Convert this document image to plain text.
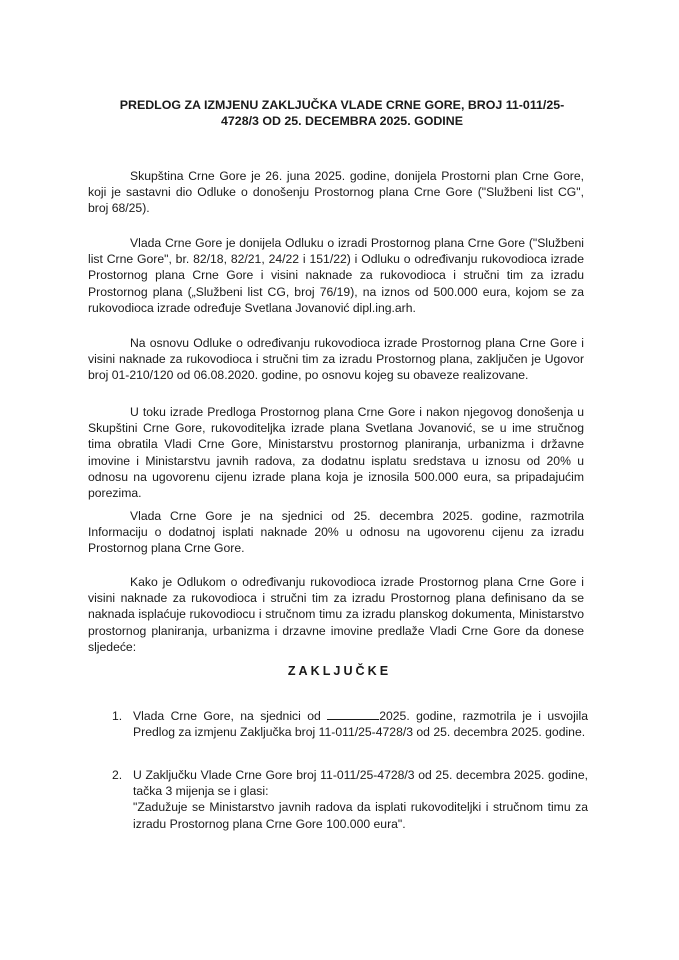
PREDLOG ZA IZMJENU ZAKLJUČKA VLADE CRNE GORE, BROJ 11-011/25-4728/3 OD 25. DECEMBRA 2025. GODINE
Skupština Crne Gore je 26. juna 2025. godine, donijela Prostorni plan Crne Gore, koji je sastavni dio Odluke o donošenju Prostornog plana Crne Gore ("Službeni list CG", broj 68/25).
Vlada Crne Gore je donijela Odluku o izradi Prostornog plana Crne Gore ("Službeni list Crne Gore", br. 82/18, 82/21, 24/22 i 151/22) i Odluku o određivanju rukovodioca izrade Prostornog plana Crne Gore i visini naknade za rukovodioca i stručni tim za izradu Prostornog plana („Službeni list CG, broj 76/19), na iznos od 500.000 eura, kojom se za rukovodioca izrade određuje Svetlana Jovanović dipl.ing.arh.
Na osnovu Odluke o određivanju rukovodioca izrade Prostornog plana Crne Gore i visini naknade za rukovodioca i stručni tim za izradu Prostornog plana, zaključen je Ugovor broj 01-210/120 od 06.08.2020. godine, po osnovu kojeg su obaveze realizovane.
U toku izrade Predloga Prostornog plana Crne Gore i nakon njegovog donošenja u Skupštini Crne Gore, rukovoditeljka izrade plana Svetlana Jovanović, se u ime stručnog tima obratila Vladi Crne Gore, Ministarstvu prostornog planiranja, urbanizma i državne imovine i Ministarstvu javnih radova, za dodatnu isplatu sredstava u iznosu od 20% u odnosu na ugovorenu cijenu izrade plana koja je iznosila 500.000 eura, sa pripadajućim porezima.
Vlada Crne Gore je na sjednici od 25. decembra 2025. godine, razmotrila Informaciju o dodatnoj isplati naknade 20% u odnosu na ugovorenu cijenu za izradu Prostornog plana Crne Gore.
Kako je Odlukom o određivanju rukovodioca izrade Prostornog plana Crne Gore i visini naknade za rukovodioca i stručni tim za izradu Prostornog plana definisano da se naknada isplaćuje rukovodiocu i stručnom timu za izradu planskog dokumenta, Ministarstvo prostornog planiranja, urbanizma i drzavne imovine predlaže Vladi Crne Gore da donese sljedeće:
ZAKLJUČKE
1. Vlada Crne Gore, na sjednici od	2025. godine, razmotrila je i usvojila Predlog za izmjenu Zaključka broj 11-011/25-4728/3 od 25. decembra 2025. godine.
2. U Zaključku Vlade Crne Gore broj 11-011/25-4728/3 od 25. decembra 2025. godine, tačka 3 mijenja se i glasi:
"Zadužuje se Ministarstvo javnih radova da isplati rukovoditeljki i stručnom timu za izradu Prostornog plana Crne Gore 100.000 eura".
